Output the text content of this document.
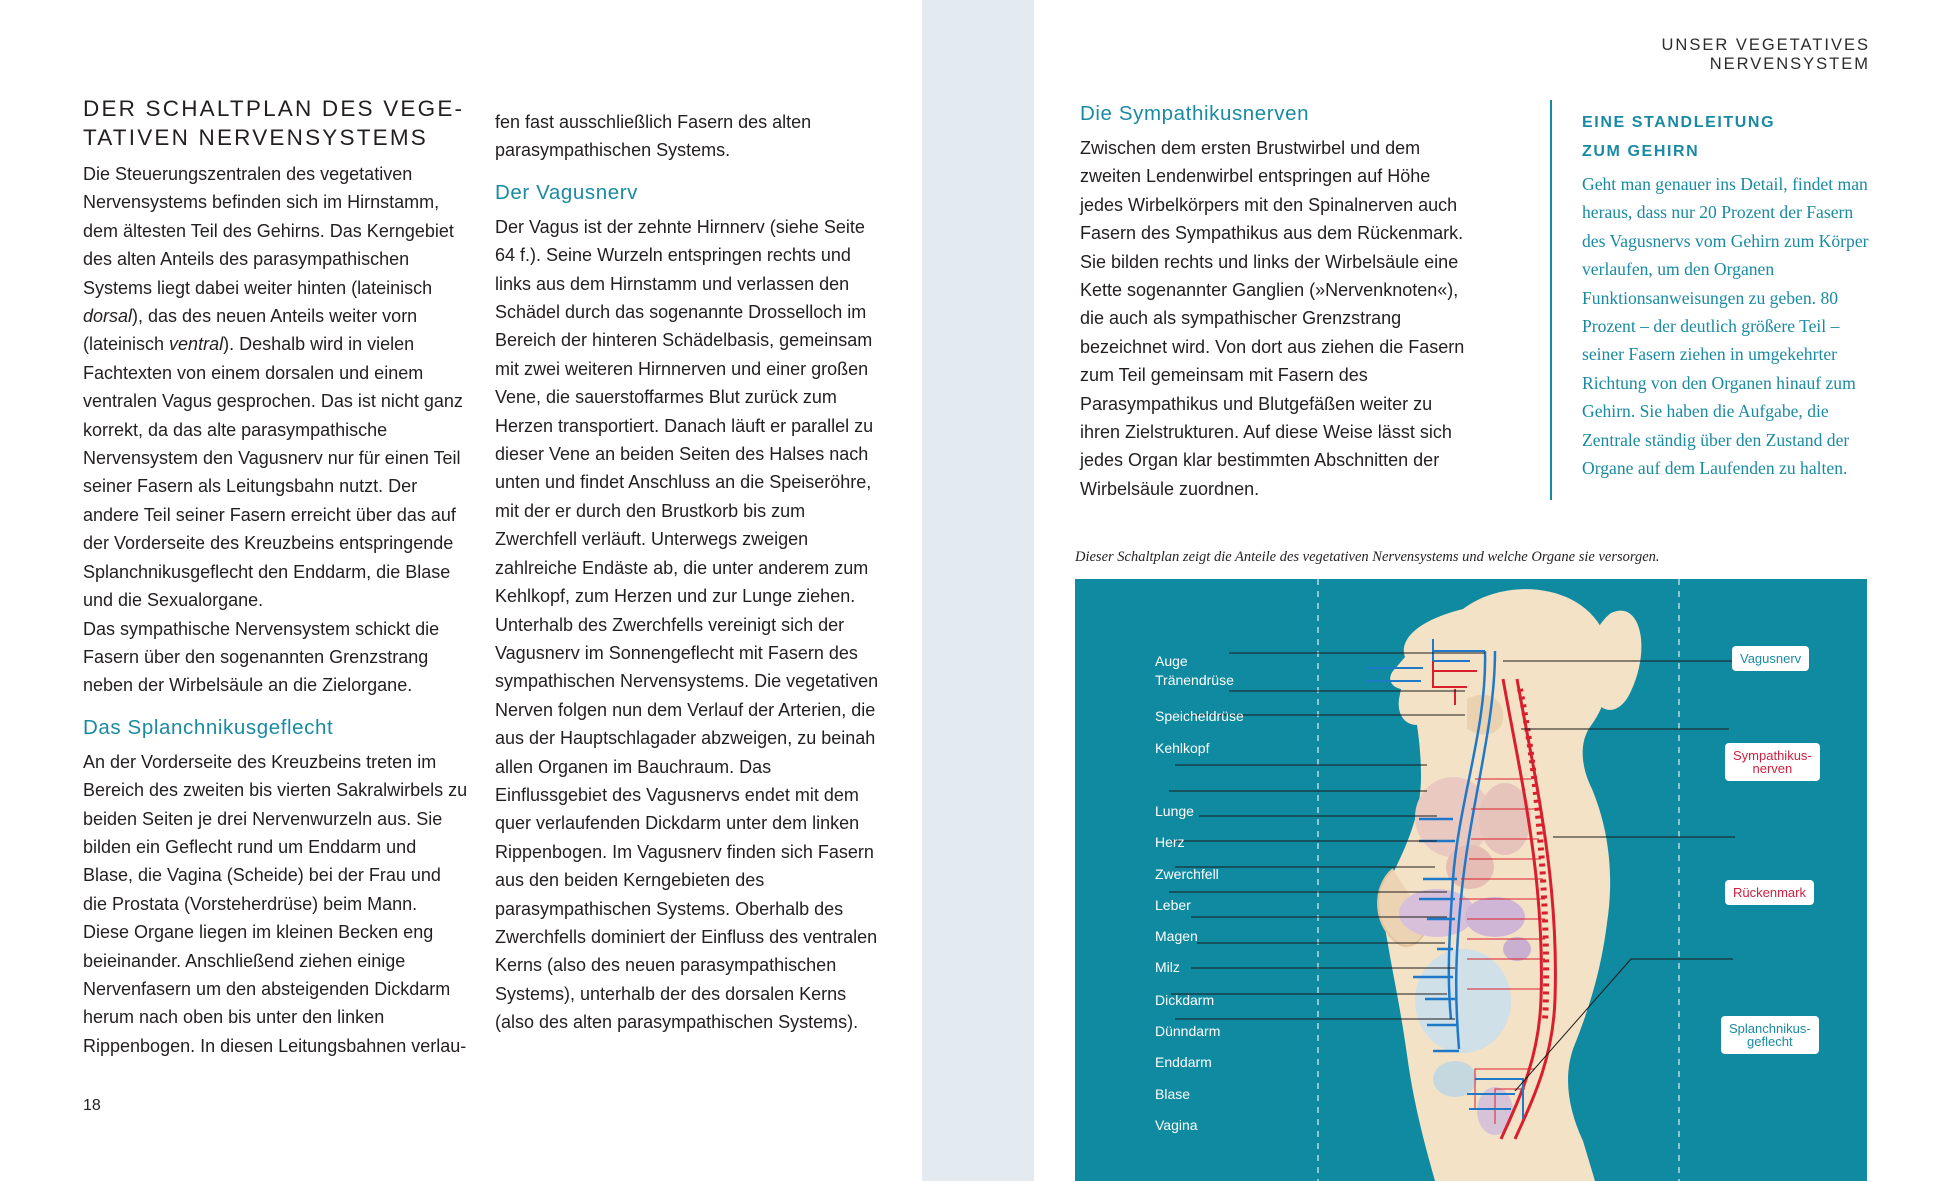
UNSER VEGETATIVES NERVENSYSTEM
DER SCHALTPLAN DES VEGE-
TATIVEN NERVENSYSTEMS

Die Steuerungszentralen des vegetativen Nervensystems befinden sich im Hirnstamm, dem ältesten Teil des Gehirns. Das Kerngebiet des alten Anteils des parasympathischen Systems liegt dabei weiter hinten (lateinisch dorsal), das des neuen Anteils weiter vorn (lateinisch ventral). Deshalb wird in vielen Fachtexten von einem dorsalen und einem ventralen Vagus gesprochen. Das ist nicht ganz korrekt, da das alte parasympathische Nervensystem den Vagusnerv nur für einen Teil seiner Fasern als Leitungsbahn nutzt. Der andere Teil seiner Fasern erreicht über das auf der Vorderseite des Kreuzbeins entspringende Splanchnikusgeflecht den Enddarm, die Blase und die Sexualorgane.

Das sympathische Nervensystem schickt die Fasern über den sogenannten Grenzstrang neben der Wirbelsäule an die Zielorgane.

Das Splanchnikusgeflecht

An der Vorderseite des Kreuzbeins treten im Bereich des zweiten bis vierten Sakralwirbels zu beiden Seiten je drei Nervenwurzeln aus. Sie bilden ein Geflecht rund um Enddarm und Blase, die Vagina (Scheide) bei der Frau und die Prostata (Vorsteherdrüse) beim Mann. Diese Organe liegen im kleinen Becken eng beieinander. Anschließend ziehen einige Nervenfasern um den absteigenden Dickdarm herum nach oben bis unter den linken Rippenbogen. In diesen Leitungsbahnen verlau-

fen fast ausschließlich Fasern des alten parasympathischen Systems.

Der Vagusnerv

Der Vagus ist der zehnte Hirnnerv (siehe Seite 64 f.). Seine Wurzeln entspringen rechts und links aus dem Hirnstamm und verlassen den Schädel durch das sogenannte Drosselloch im Bereich der hinteren Schädelbasis, gemeinsam mit zwei weiteren Hirnnerven und einer großen Vene, die sauerstoffarmes Blut zurück zum Herzen transportiert. Danach läuft er parallel zu dieser Vene an beiden Seiten des Halses nach unten und findet Anschluss an die Speiseröhre, mit der er durch den Brustkorb bis zum Zwerchfell verläuft. Unterwegs zweigen zahlreiche Endäste ab, die unter anderem zum Kehlkopf, zum Herzen und zur Lunge ziehen. Unterhalb des Zwerchfells vereinigt sich der Vagusnerv im Sonnengeflecht mit Fasern des sympathischen Nervensystems. Die vegetativen Nerven folgen nun dem Verlauf der Arterien, die aus der Hauptschlagader abzweigen, zu beinah allen Organen im Bauchraum. Das Einflussgebiet des Vagusnervs endet mit dem quer verlaufenden Dickdarm unter dem linken Rippenbogen. Im Vagusnerv finden sich Fasern aus den beiden Kerngebieten des parasympathischen Systems. Oberhalb des Zwerchfells dominiert der Einfluss des ventralen Kerns (also des neuen parasympathischen Systems), unterhalb der des dorsalen Kerns (also des alten parasympathischen Systems).

18
Die Sympathikusnerven

Zwischen dem ersten Brustwirbel und dem zweiten Lendenwirbel entspringen auf Höhe jedes Wirbelkörpers mit den Spinalnerven auch Fasern des Sympathikus aus dem Rückenmark. Sie bilden rechts und links der Wirbelsäule eine Kette sogenannter Ganglien (»Nervenknoten«), die auch als sympathischer Grenzstrang bezeichnet wird. Von dort aus ziehen die Fasern zum Teil gemeinsam mit Fasern des Parasympathikus und Blutgefäßen weiter zu ihren Zielstrukturen. Auf diese Weise lässt sich jedes Organ klar bestimmten Abschnitten der Wirbelsäule zuordnen.

EINE STANDLEITUNG
ZUM GEHIRN

Geht man genauer ins Detail, findet man heraus, dass nur 20 Prozent der Fasern des Vagusnervs vom Gehirn zum Körper verlaufen, um den Organen Funktionsanweisungen zu geben. 80 Prozent – der deutlich größere Teil – seiner Fasern ziehen in umgekehrter Richtung von den Organen hinauf zum Gehirn. Sie haben die Aufgabe, die Zentrale ständig über den Zustand der Organe auf dem Laufenden zu halten.

Dieser Schaltplan zeigt die Anteile des vegetativen Nervensystems und welche Organe sie versorgen.
Auge
Tränendrüse
Speicheldrüse
Kehlkopf
Lunge
Herz
Zwerchfell
Leber
Magen
Milz
Dickdarm
Dünndarm
Enddarm
Blase
Vagina
Vagusnerv
Sympathikus-
nerven
Rückenmark
Splanchnikus-
geflecht
